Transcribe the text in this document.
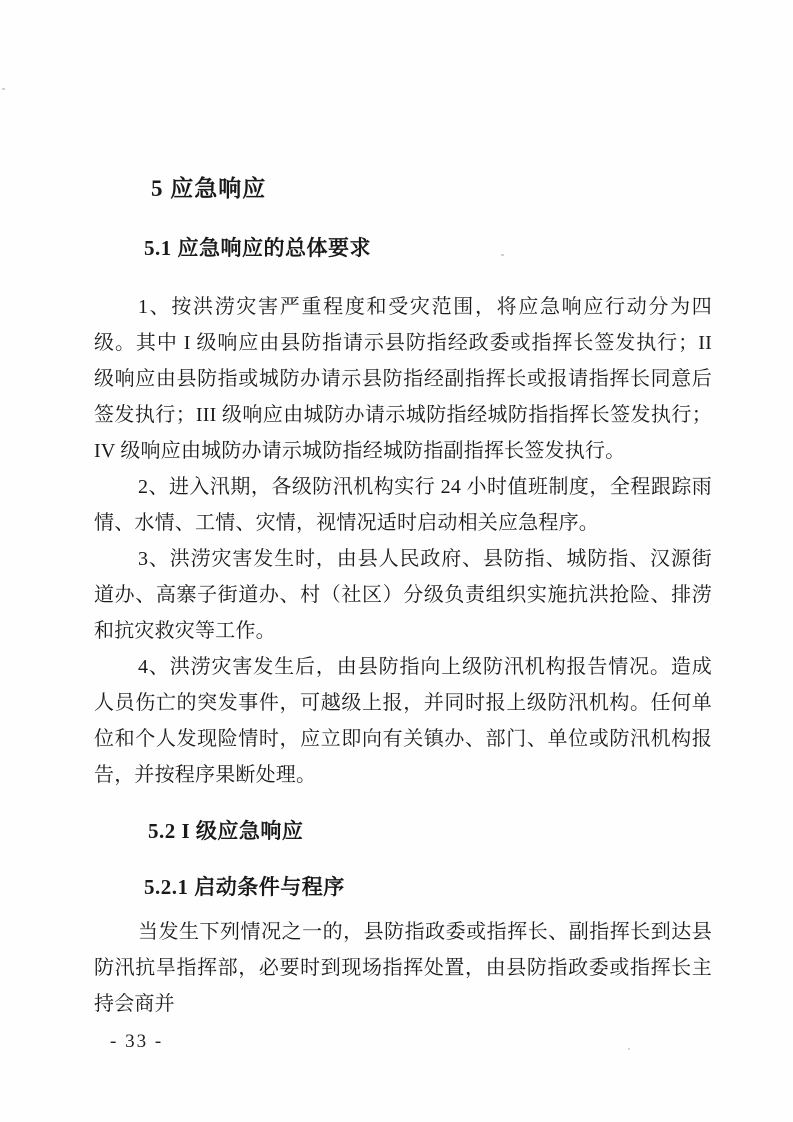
5 应急响应
5.1 应急响应的总体要求

1、按洪涝灾害严重程度和受灾范围，将应急响应行动分为四级。其中 I 级响应由县防指请示县防指经政委或指挥长签发执行；II 级响应由县防指或城防办请示县防指经副指挥长或报请指挥长同意后签发执行；III 级响应由城防办请示城防指经城防指指挥长签发执行；IV 级响应由城防办请示城防指经城防指副指挥长签发执行。

2、进入汛期，各级防汛机构实行 24 小时值班制度，全程跟踪雨情、水情、工情、灾情，视情况适时启动相关应急程序。

3、洪涝灾害发生时，由县人民政府、县防指、城防指、汉源街道办、高寨子街道办、村（社区）分级负责组织实施抗洪抢险、排涝和抗灾救灾等工作。

4、洪涝灾害发生后，由县防指向上级防汛机构报告情况。造成人员伤亡的突发事件，可越级上报，并同时报上级防汛机构。任何单位和个人发现险情时，应立即向有关镇办、部门、单位或防汛机构报告，并按程序果断处理。

5.2 I 级应急响应
5.2.1 启动条件与程序

当发生下列情况之一的，县防指政委或指挥长、副指挥长到达县防汛抗旱指挥部，必要时到现场指挥处置，由县防指政委或指挥长主持会商并

- 33 -
